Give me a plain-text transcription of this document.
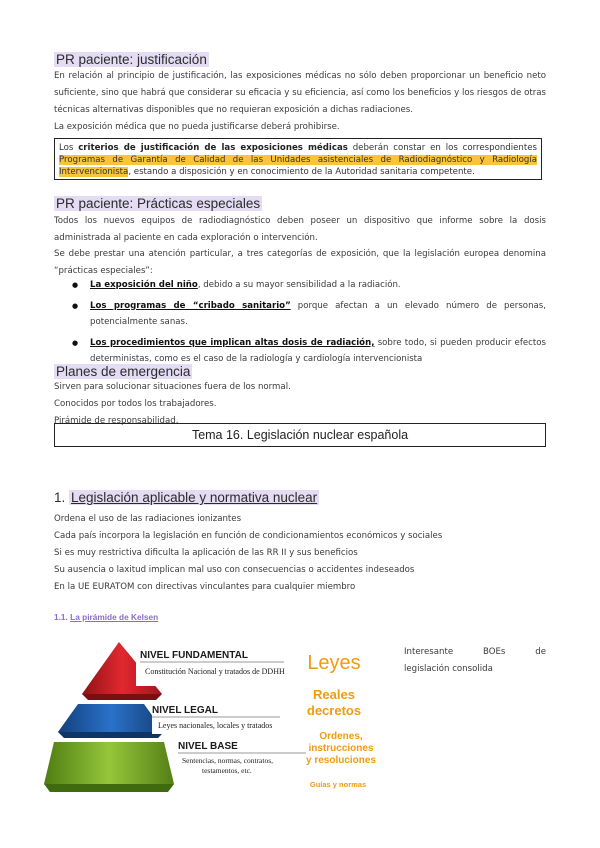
PR paciente: justificación
En relación al principio de justificación, las exposiciones médicas no sólo deben proporcionar un beneficio neto suficiente, sino que habrá que considerar su eficacia y su eficiencia, así como los beneficios y los riesgos de otras técnicas alternativas disponibles que no requieran exposición a dichas radiaciones.
La exposición médica que no pueda justificarse deberá prohibirse.
Los criterios de justificación de las exposiciones médicas deberán constar en los correspondientes Programas de Garantía de Calidad de las Unidades asistenciales de Radiodiagnóstico y Radiología Intervencionista, estando a disposición y en conocimiento de la Autoridad sanitaria competente.
PR paciente: Prácticas especiales
Todos los nuevos equipos de radiodiagnóstico deben poseer un dispositivo que informe sobre la dosis administrada al paciente en cada exploración o intervención.
Se debe prestar una atención particular, a tres categorías de exposición, que la legislación europea denomina “prácticas especiales”:
● La exposición del niño, debido a su mayor sensibilidad a la radiación.
● Los programas de “cribado sanitario” porque afectan a un elevado número de personas, potencialmente sanas.
● Los procedimientos que implican altas dosis de radiación, sobre todo, si pueden producir efectos deterministas, como es el caso de la radiología y cardiología intervencionista
Planes de emergencia
Sirven para solucionar situaciones fuera de los normal.
Conocidos por todos los trabajadores.
Pirámide de responsabilidad.
Tema 16. Legislación nuclear española
1. Legislación aplicable y normativa nuclear
Ordena el uso de las radiaciones ionizantes
Cada país incorpora la legislación en función de condicionamientos económicos y sociales
Si es muy restrictiva dificulta la aplicación de las RR II y sus beneficios
Su ausencia o laxitud implican mal uso con consecuencias o accidentes indeseados
En la UE EURATOM con directivas vinculantes para cualquier miembro
1.1. La pirámide de Kelsen
NIVEL FUNDAMENTAL
Constitución Nacional y tratados de DDHH
NIVEL LEGAL
Leyes nacionales, locales y tratados
NIVEL BASE
Sentencias, normas, contratos,
testamentos, etc.
Leyes
Reales
decretos
Ordenes,
instrucciones
y resoluciones
Guías y normas
Interesante	BOEs	de
legislación consolida
